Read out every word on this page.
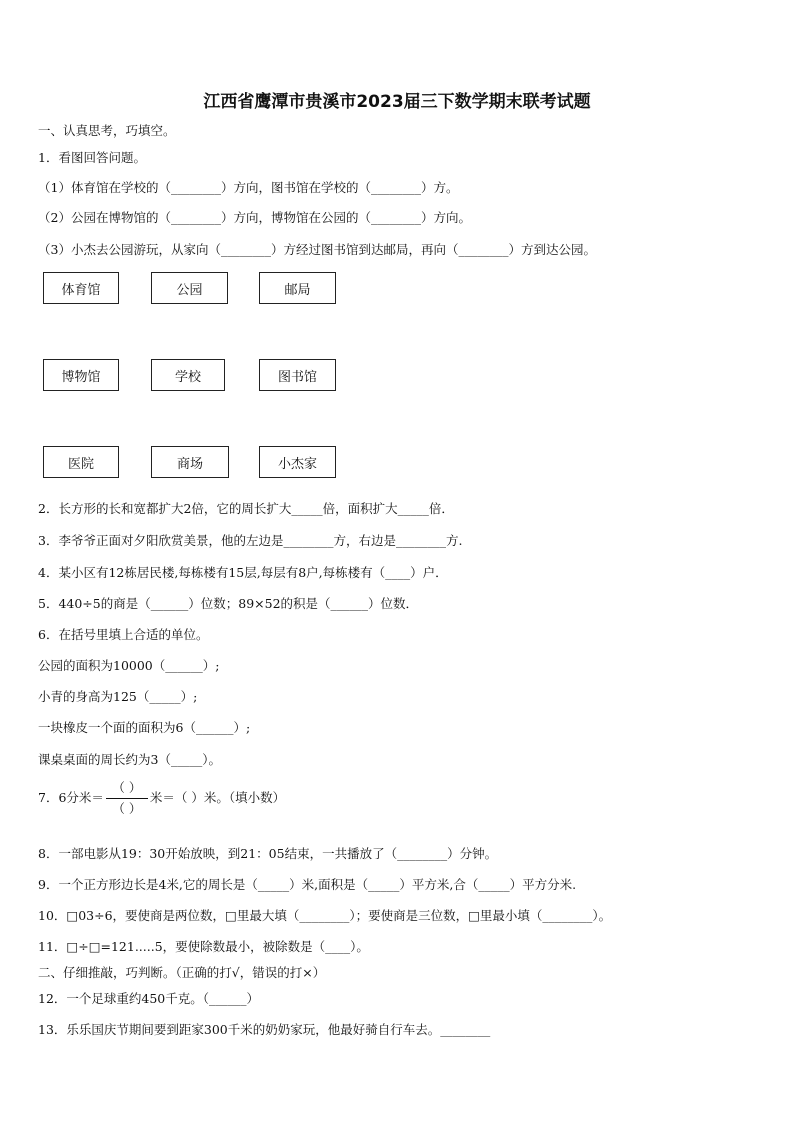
江西省鹰潭市贵溪市2023届三下数学期末联考试题
一、认真思考，巧填空。
1．看图回答问题。
（1）体育馆在学校的（________）方向，图书馆在学校的（________）方。
（2）公园在博物馆的（________）方向，博物馆在公园的（________）方向。
（3）小杰去公园游玩，从家向（________）方经过图书馆到达邮局，再向（________）方到达公园。
体育馆	公园	邮局
博物馆	学校	图书馆
医院	商场	小杰家
2．长方形的长和宽都扩大2倍，它的周长扩大_____倍，面积扩大_____倍．
3．李爷爷正面对夕阳欣赏美景，他的左边是________方，右边是________方.
4．某小区有12栋居民楼,每栋楼有15层,每层有8户,每栋楼有（____）户．
5．440÷5的商是（______）位数；89×52的积是（______）位数．
6．在括号里填上合适的单位。
公园的面积为10000（______）;
小青的身高为125（_____）;
一块橡皮一个面的面积为6（______）;
课桌桌面的周长约为3（_____）。
7．6分米＝ $\frac{( )}{( )}$ 米＝（ ）米。（填小数）
8．一部电影从19：30开始放映，到21：05结束，一共播放了（________）分钟。
9．一个正方形边长是4米,它的周长是（_____）米,面积是（_____）平方米,合（_____）平方分米.
10．□03÷6，要使商是两位数，□里最大填（________）；要使商是三位数，□里最小填（________）。
11．□÷□=121.....5，要使除数最小，被除数是（____）。
二、仔细推敲，巧判断。（正确的打√，错误的打×）
12．一个足球重约450千克。（______）
13．乐乐国庆节期间要到距家300千米的奶奶家玩，他最好骑自行车去。________
